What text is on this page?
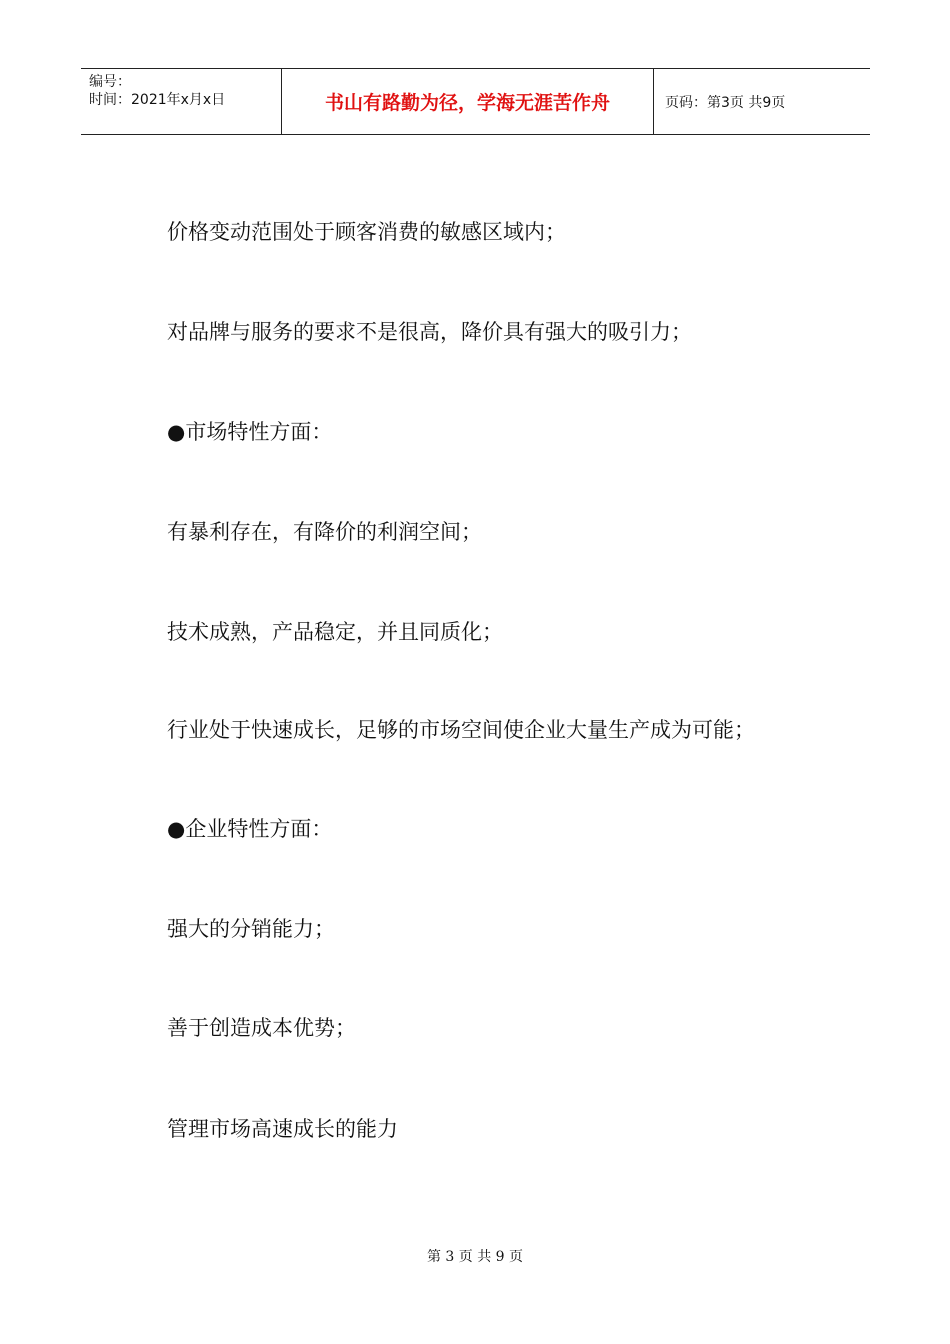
编号：
时间：2021年x月x日	书山有路勤为径，学海无涯苦作舟	页码：第3页 共9页
价格变动范围处于顾客消费的敏感区域内；
对品牌与服务的要求不是很高，降价具有强大的吸引力；
●市场特性方面：
有暴利存在，有降价的利润空间；
技术成熟，产品稳定，并且同质化；
行业处于快速成长，足够的市场空间使企业大量生产成为可能；
●企业特性方面：
强大的分销能力；
善于创造成本优势；
管理市场高速成长的能力
第 3 页 共 9 页
